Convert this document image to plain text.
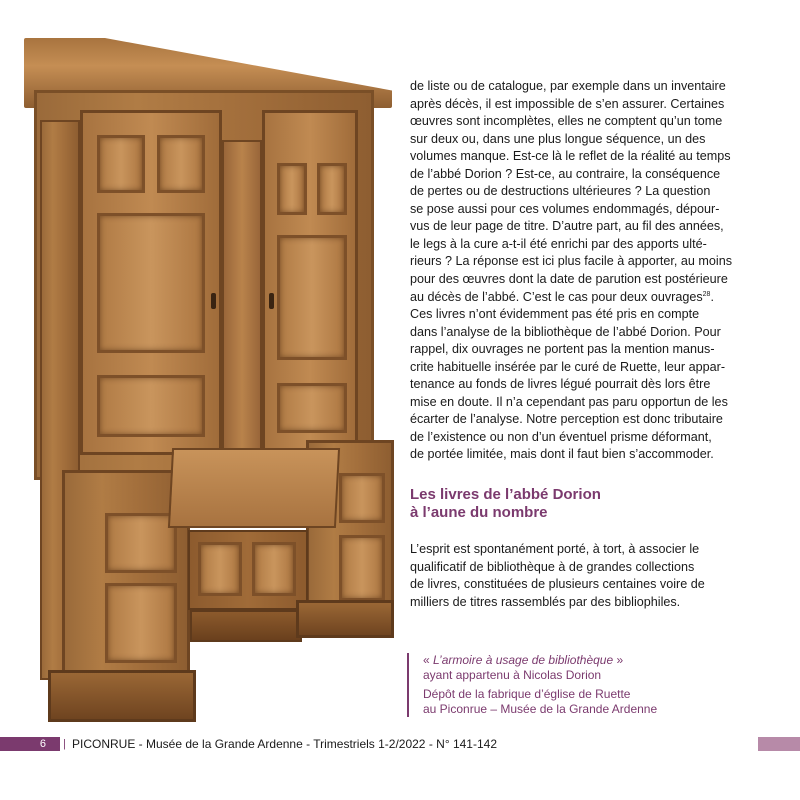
de liste ou de catalogue, par exemple dans un inventaire
après décès, il est impossible de s’en assurer. Certaines
œuvres sont incomplètes, elles ne comptent qu’un tome
sur deux ou, dans une plus longue séquence, un des
volumes manque. Est-ce là le reflet de la réalité au temps
de l’abbé Dorion ? Est-ce, au contraire, la conséquence
de pertes ou de destructions ultérieures ? La question
se pose aussi pour ces volumes endommagés, dépour-
vus de leur page de titre. D’autre part, au fil des années,
le legs à la cure a-t-il été enrichi par des apports ulté-
rieurs ? La réponse est ici plus facile à apporter, au moins
pour des œuvres dont la date de parution est postérieure
au décès de l’abbé. C’est le cas pour deux ouvrages$^{28}$.
Ces livres n’ont évidemment pas été pris en compte
dans l’analyse de la bibliothèque de l’abbé Dorion. Pour
rappel, dix ouvrages ne portent pas la mention manus-
crite habituelle insérée par le curé de Ruette, leur appar-
tenance au fonds de livres légué pourrait dès lors être
mise en doute. Il n’a cependant pas paru opportun de les
écarter de l’analyse. Notre perception est donc tributaire
de l’existence ou non d’un éventuel prisme déformant,
de portée limitée, mais dont il faut bien s’accommoder.
Les livres de l’abbé Dorion
à l’aune du nombre
L’esprit est spontanément porté, à tort, à associer le
qualificatif de bibliothèque à de grandes collections
de livres, constituées de plusieurs centaines voire de
milliers de titres rassemblés par des bibliophiles.

« L’armoire à usage de bibliothèque »

ayant appartenu à Nicolas Dorion

Dépôt de la fabrique d’église de Ruette

au Piconrue – Musée de la Grande Ardenne

6	| PICONRUE - Musée de la Grande Ardenne - Trimestriels 1-2/2022 - N° 141-142
